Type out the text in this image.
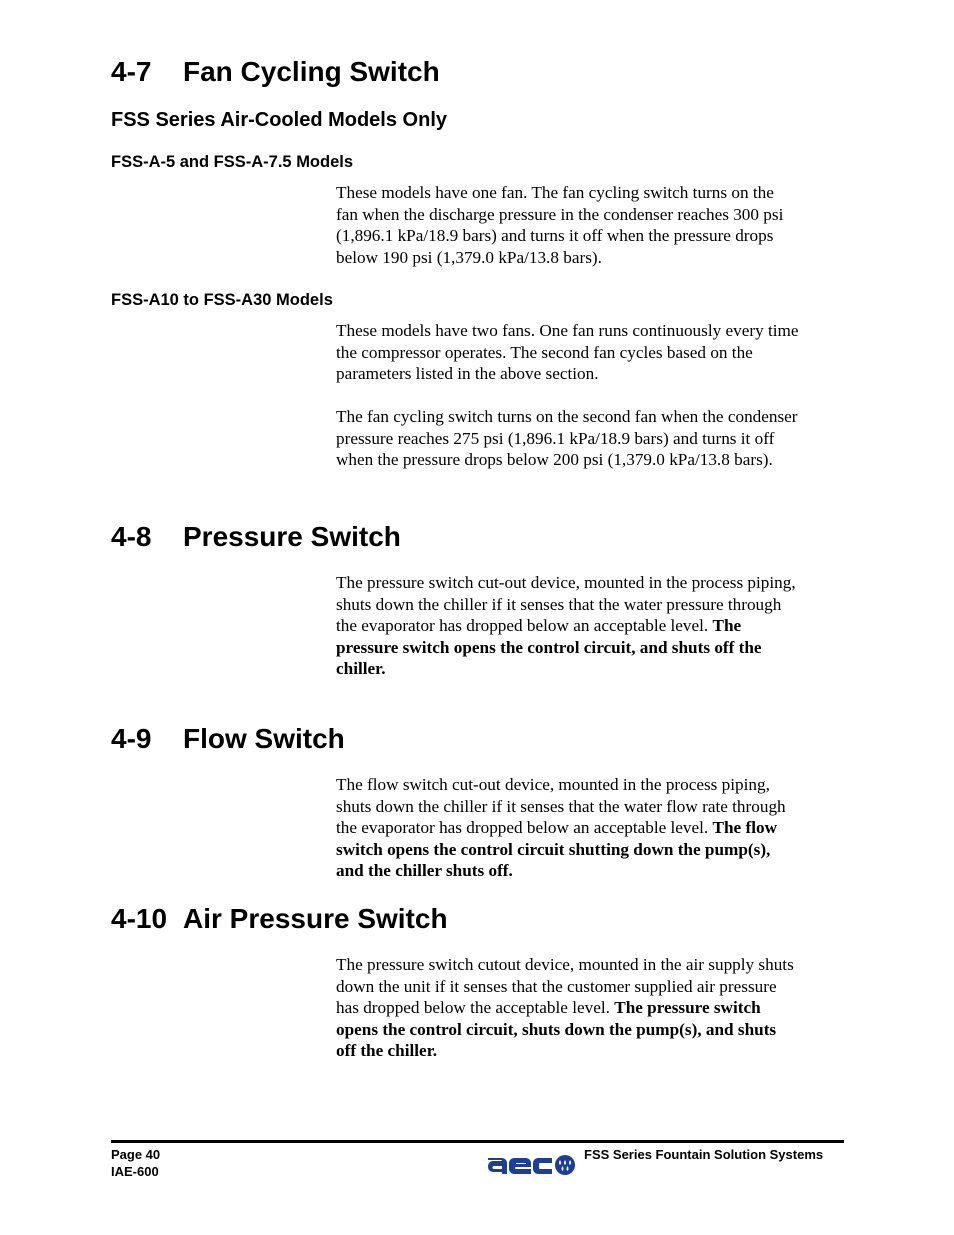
4-7 Fan Cycling Switch
FSS Series Air-Cooled Models Only
FSS-A-5 and FSS-A-7.5 Models
These models have one fan. The fan cycling switch turns on the
fan when the discharge pressure in the condenser reaches 300 psi
(1,896.1 kPa/18.9 bars) and turns it off when the pressure drops
below 190 psi (1,379.0 kPa/13.8 bars).
FSS-A10 to FSS-A30 Models
These models have two fans. One fan runs continuously every time
the compressor operates. The second fan cycles based on the
parameters listed in the above section.
The fan cycling switch turns on the second fan when the condenser
pressure reaches 275 psi (1,896.1 kPa/18.9 bars) and turns it off
when the pressure drops below 200 psi (1,379.0 kPa/13.8 bars).
4-8 Pressure Switch
The pressure switch cut-out device, mounted in the process piping,
shuts down the chiller if it senses that the water pressure through
the evaporator has dropped below an acceptable level. The
pressure switch opens the control circuit, and shuts off the
chiller.
4-9 Flow Switch
The flow switch cut-out device, mounted in the process piping,
shuts down the chiller if it senses that the water flow rate through
the evaporator has dropped below an acceptable level. The flow
switch opens the control circuit shutting down the pump(s),
and the chiller shuts off.
4-10 Air Pressure Switch
The pressure switch cutout device, mounted in the air supply shuts
down the unit if it senses that the customer supplied air pressure
has dropped below the acceptable level. The pressure switch
opens the control circuit, shuts down the pump(s), and shuts
off the chiller.
Page 40
IAE-600
FSS Series Fountain Solution Systems
